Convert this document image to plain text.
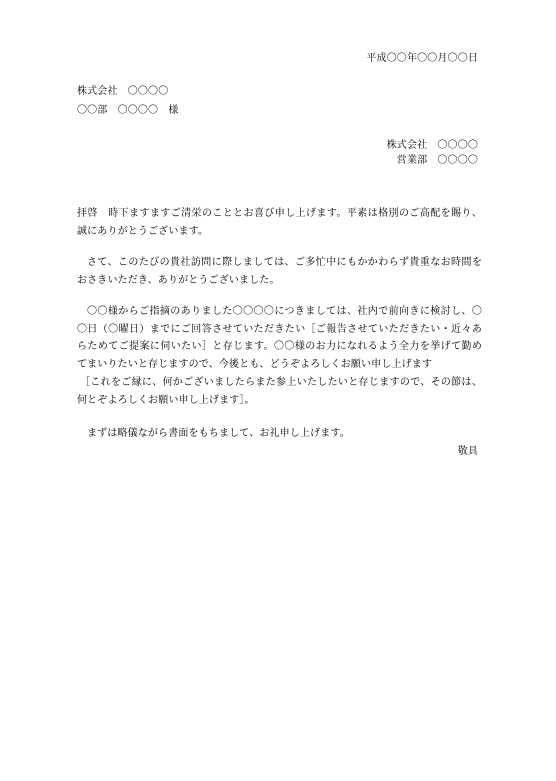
平成〇〇年〇〇月〇〇日
株式会社　〇〇〇〇
〇〇部　〇〇〇〇　様
株式会社　〇〇〇〇
営業部　〇〇〇〇
拝啓　時下ますますご清栄のこととお喜び申し上げます。平素は格別のご高配を賜り、誠にありがとうございます。
さて、このたびの貴社訪問に際しましては、ご多忙中にもかかわらず貴重なお時間をおさきいただき、ありがとうございました。
〇〇様からご指摘のありました〇〇〇〇につきましては、社内で前向きに検討し、〇〇日（〇曜日）までにご回答させていただきたい［ご報告させていただきたい・近々あらためてご提案に伺いたい］と存じます。〇〇様のお力になれるよう全力を挙げて勤めてまいりたいと存じますので、今後とも、どうぞよろしくお願い申し上げます
［これをご縁に、何かございましたらまた参上いたしたいと存じますので、その節は、何とぞよろしくお願い申し上げます］。
まずは略儀ながら書面をもちまして、お礼申し上げます。
敬具
